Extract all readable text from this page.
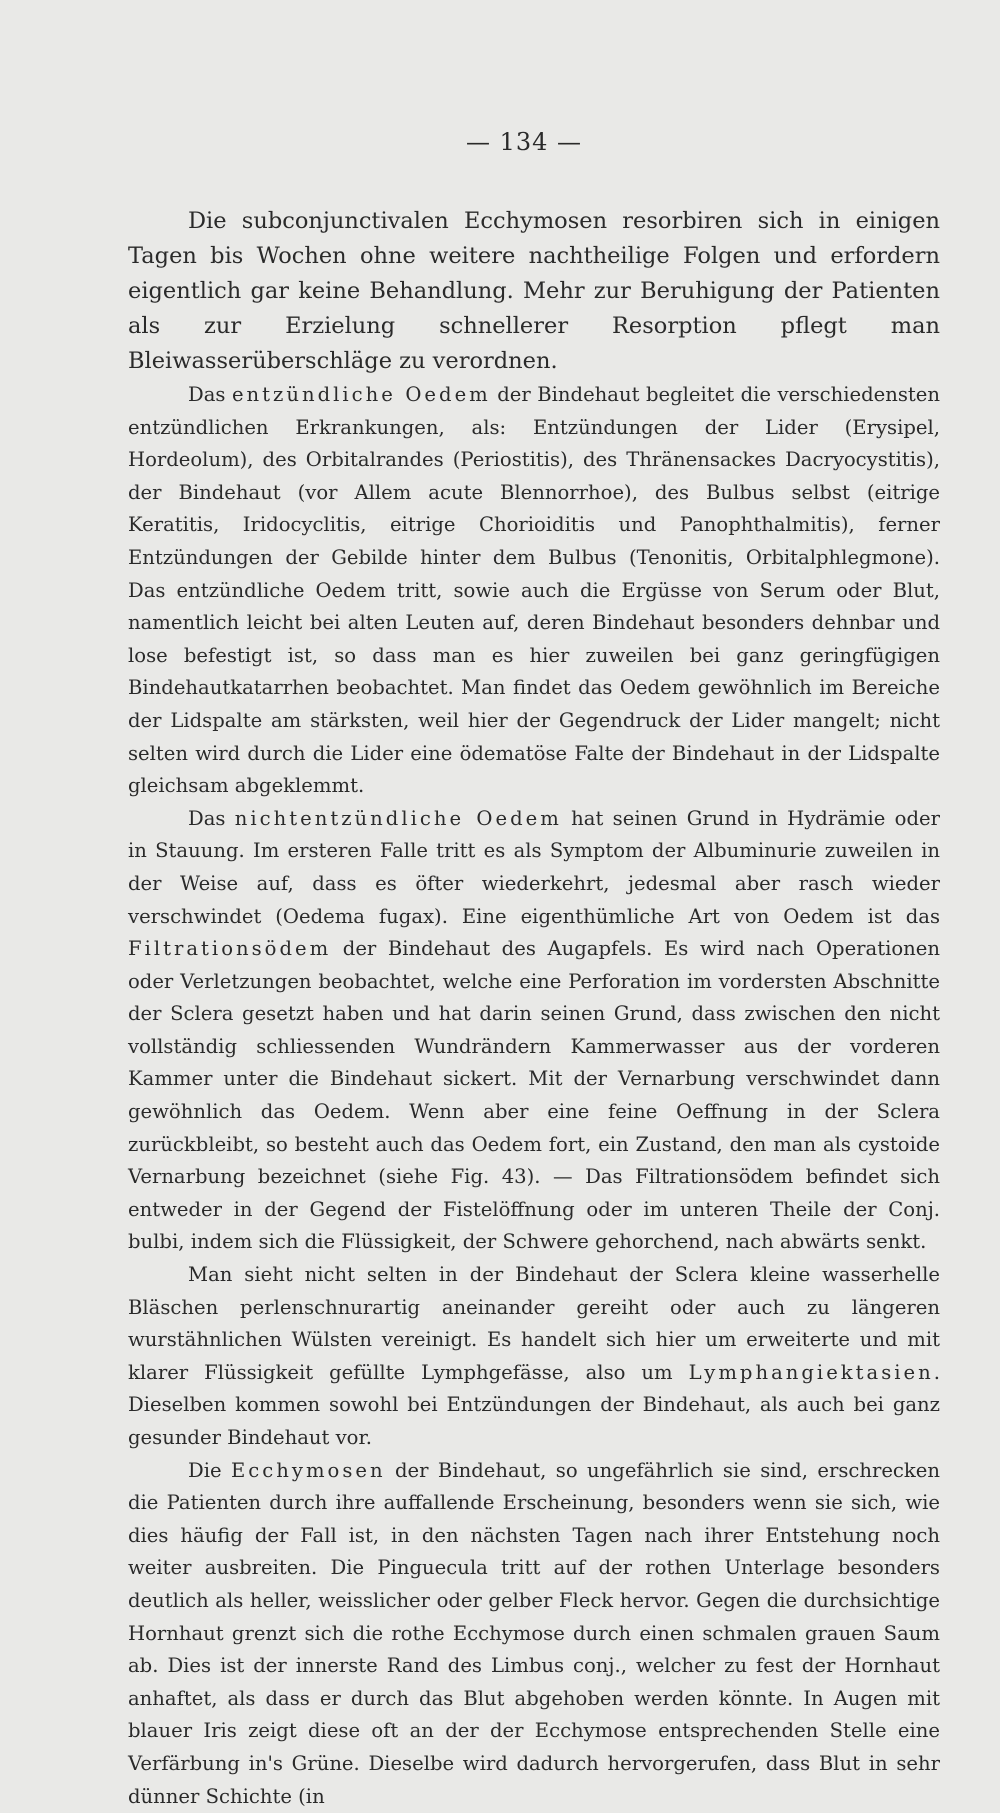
— 134 —

Die subconjunctivalen Ecchymosen resorbiren sich in einigen Tagen bis Wochen ohne weitere nachtheilige Folgen und erfordern eigentlich gar keine Behandlung. Mehr zur Beruhigung der Patienten als zur Erzielung schnellerer Resorption pflegt man Bleiwasserüberschläge zu verordnen.

Das entzündliche Oedem der Bindehaut begleitet die verschiedensten entzündlichen Erkrankungen, als: Entzündungen der Lider (Erysipel, Hordeolum), des Orbitalrandes (Periostitis), des Thränensackes Dacryocystitis), der Bindehaut (vor Allem acute Blennorrhoe), des Bulbus selbst (eitrige Keratitis, Iridocyclitis, eitrige Chorioiditis und Panophthalmitis), ferner Entzündungen der Gebilde hinter dem Bulbus (Tenonitis, Orbitalphlegmone). Das entzündliche Oedem tritt, sowie auch die Ergüsse von Serum oder Blut, namentlich leicht bei alten Leuten auf, deren Bindehaut besonders dehnbar und lose befestigt ist, so dass man es hier zuweilen bei ganz geringfügigen Bindehautkatarrhen beobachtet. Man findet das Oedem gewöhnlich im Bereiche der Lidspalte am stärksten, weil hier der Gegendruck der Lider mangelt; nicht selten wird durch die Lider eine ödematöse Falte der Bindehaut in der Lidspalte gleichsam abgeklemmt.

Das nichtentzündliche Oedem hat seinen Grund in Hydrämie oder in Stauung. Im ersteren Falle tritt es als Symptom der Albuminurie zuweilen in der Weise auf, dass es öfter wiederkehrt, jedesmal aber rasch wieder verschwindet (Oedema fugax). Eine eigenthümliche Art von Oedem ist das Filtrationsödem der Bindehaut des Augapfels. Es wird nach Operationen oder Verletzungen beobachtet, welche eine Perforation im vordersten Abschnitte der Sclera gesetzt haben und hat darin seinen Grund, dass zwischen den nicht vollständig schliessenden Wundrändern Kammerwasser aus der vorderen Kammer unter die Bindehaut sickert. Mit der Vernarbung verschwindet dann gewöhnlich das Oedem. Wenn aber eine feine Oeffnung in der Sclera zurückbleibt, so besteht auch das Oedem fort, ein Zustand, den man als cystoide Vernarbung bezeichnet (siehe Fig. 43). — Das Filtrationsödem befindet sich entweder in der Gegend der Fistelöffnung oder im unteren Theile der Conj. bulbi, indem sich die Flüssigkeit, der Schwere gehorchend, nach abwärts senkt.

Man sieht nicht selten in der Bindehaut der Sclera kleine wasserhelle Bläschen perlenschnurartig aneinander gereiht oder auch zu längeren wurstähnlichen Wülsten vereinigt. Es handelt sich hier um erweiterte und mit klarer Flüssigkeit gefüllte Lymphgefässe, also um Lymphangiektasien. Dieselben kommen sowohl bei Entzündungen der Bindehaut, als auch bei ganz gesunder Bindehaut vor.

Die Ecchymosen der Bindehaut, so ungefährlich sie sind, erschrecken die Patienten durch ihre auffallende Erscheinung, besonders wenn sie sich, wie dies häufig der Fall ist, in den nächsten Tagen nach ihrer Entstehung noch weiter ausbreiten. Die Pinguecula tritt auf der rothen Unterlage besonders deutlich als heller, weisslicher oder gelber Fleck hervor. Gegen die durchsichtige Hornhaut grenzt sich die rothe Ecchymose durch einen schmalen grauen Saum ab. Dies ist der innerste Rand des Limbus conj., welcher zu fest der Hornhaut anhaftet, als dass er durch das Blut abgehoben werden könnte. In Augen mit blauer Iris zeigt diese oft an der der Ecchymose entsprechenden Stelle eine Verfärbung in's Grüne. Dieselbe wird dadurch hervorgerufen, dass Blut in sehr dünner Schichte (in
